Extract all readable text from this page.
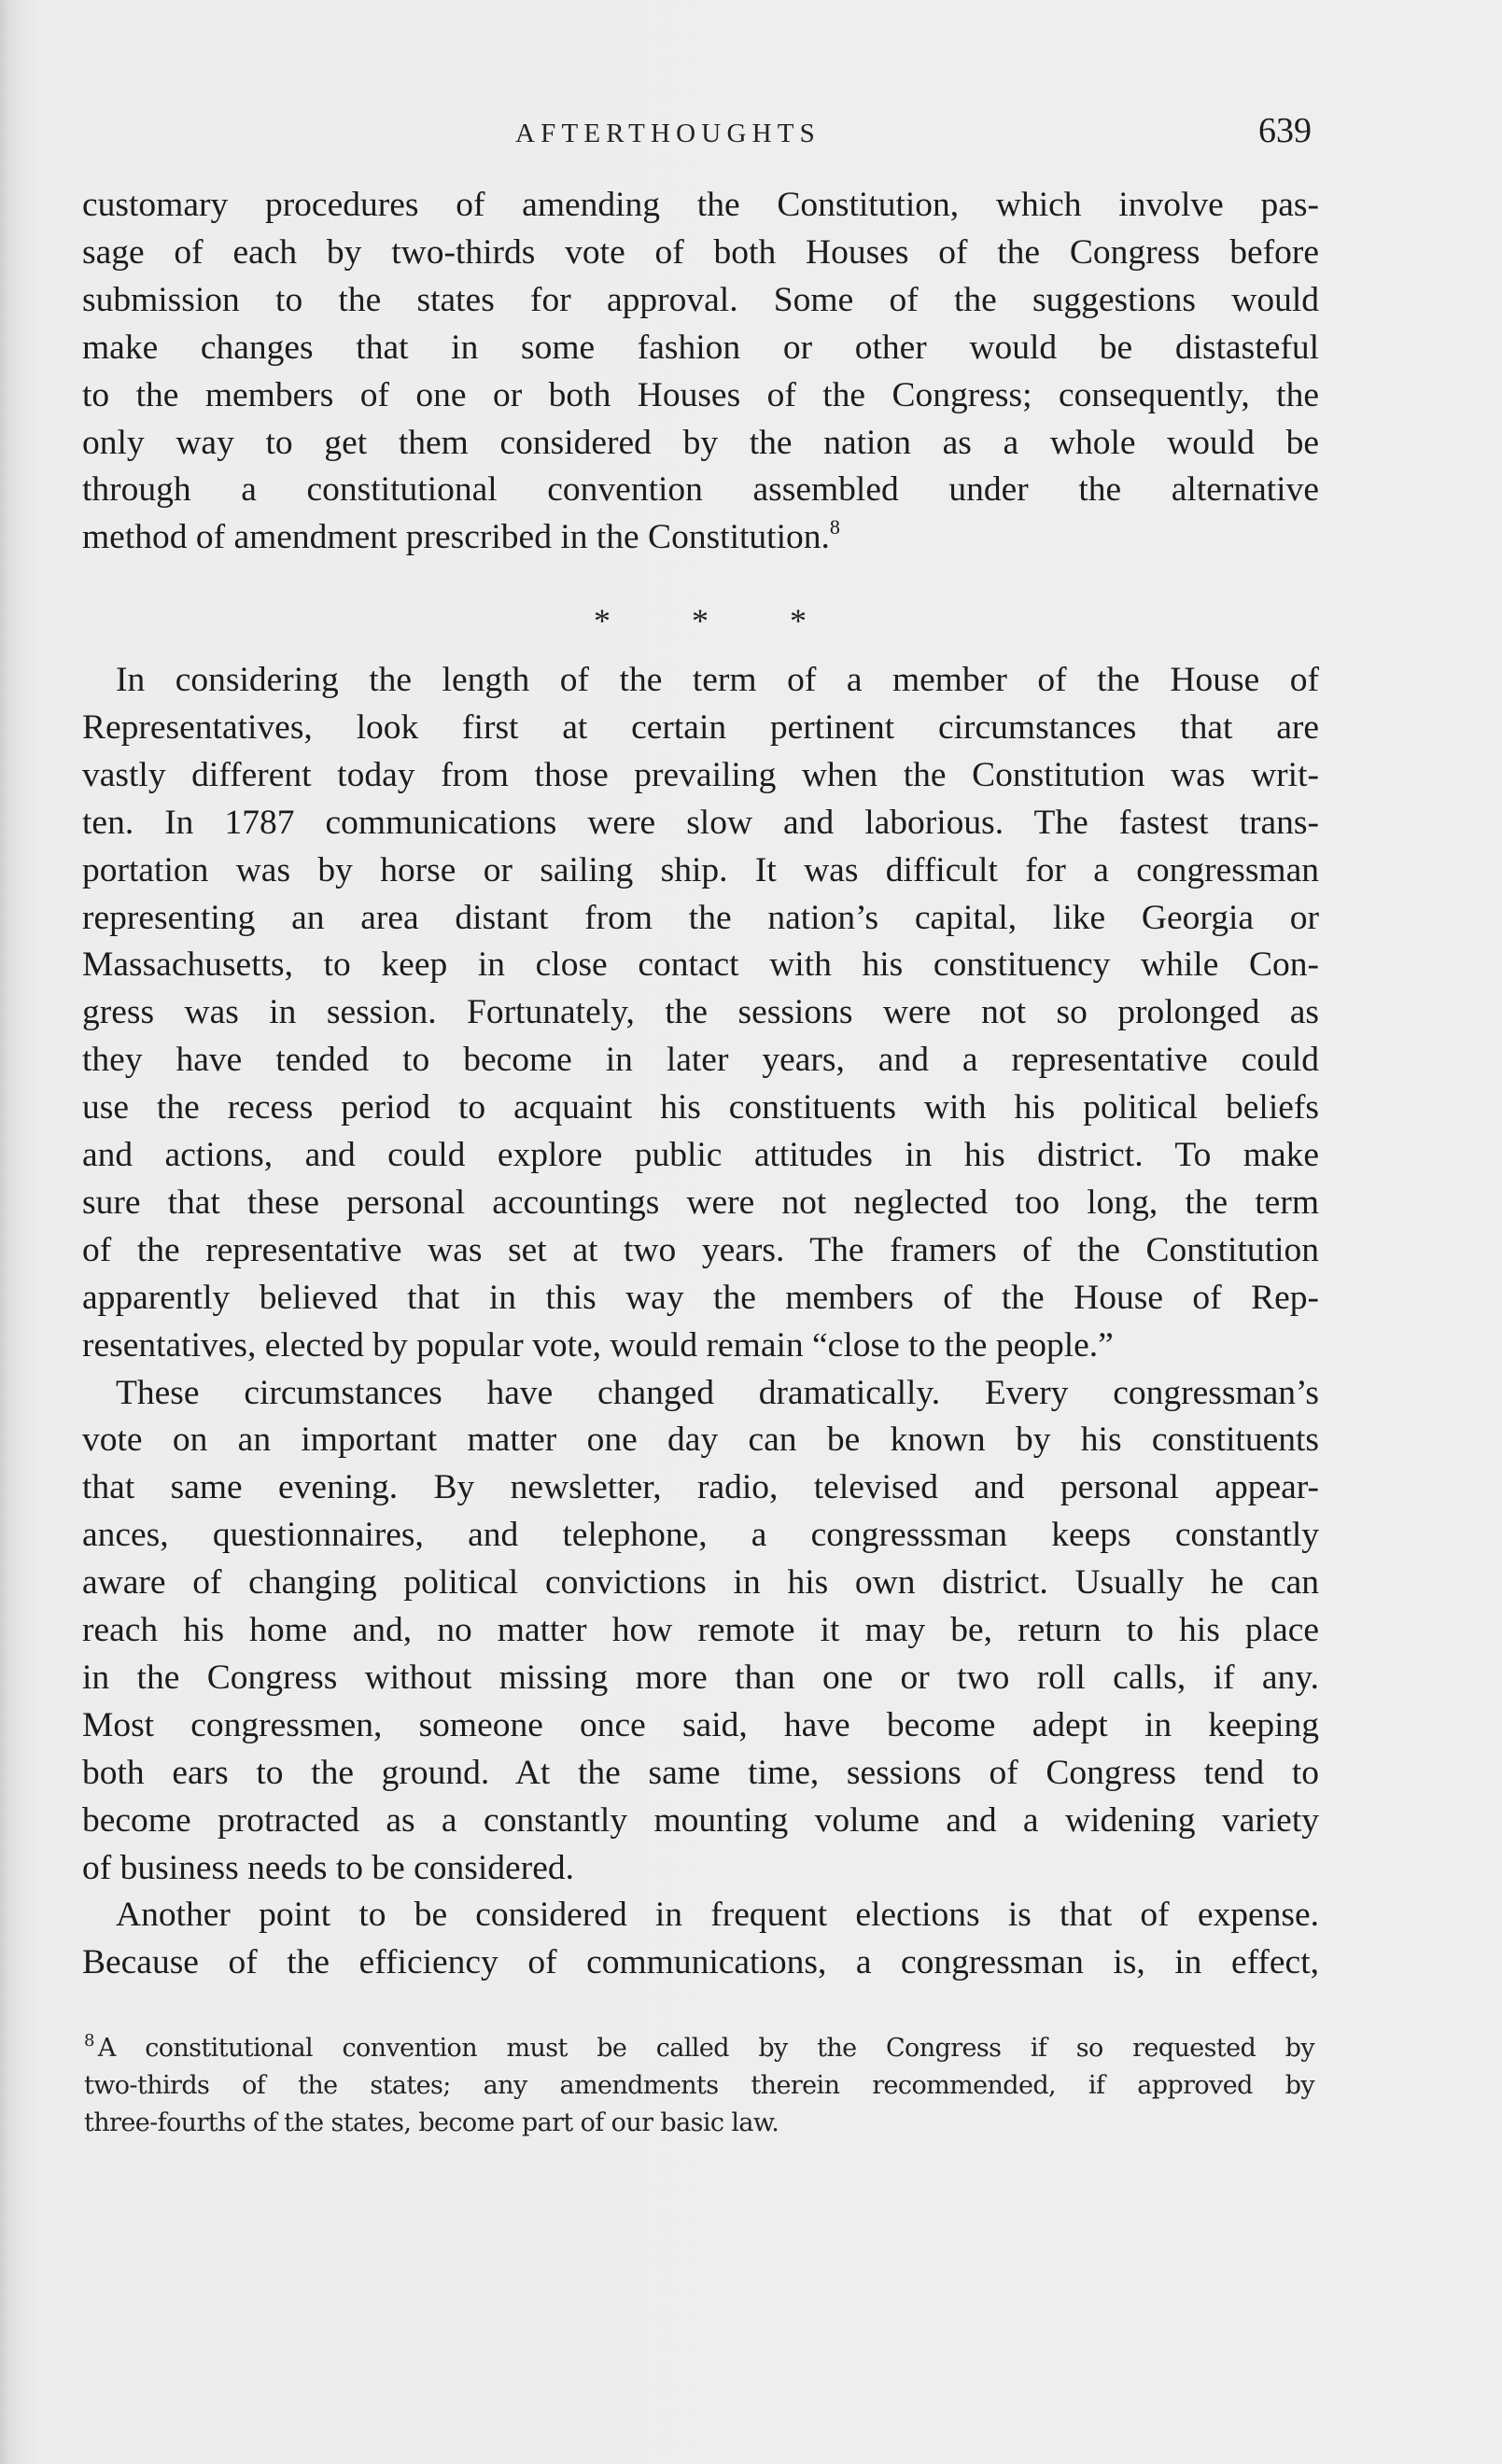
AFTERTHOUGHTS	639
customary procedures of amending the Constitution, which involve pas-
sage of each by two-thirds vote of both Houses of the Congress before
submission to the states for approval. Some of the suggestions would
make changes that in some fashion or other would be distasteful
to the members of one or both Houses of the Congress; consequently, the
only way to get them considered by the nation as a whole would be
through a constitutional convention assembled under the alternative
method of amendment prescribed in the Constitution.$^8$
In considering the length of the term of a member of the House of
Representatives, look first at certain pertinent circumstances that are
vastly different today from those prevailing when the Constitution was writ-
ten. In 1787 communications were slow and laborious. The fastest trans-
portation was by horse or sailing ship. It was difficult for a congressman
representing an area distant from the nation’s capital, like Georgia or
Massachusetts, to keep in close contact with his constituency while Con-
gress was in session. Fortunately, the sessions were not so prolonged as
they have tended to become in later years, and a representative could
use the recess period to acquaint his constituents with his political beliefs
and actions, and could explore public attitudes in his district. To make
sure that these personal accountings were not neglected too long, the term
of the representative was set at two years. The framers of the Constitution
apparently believed that in this way the members of the House of Rep-
resentatives, elected by popular vote, would remain “close to the people.”
These circumstances have changed dramatically. Every congressman’s
vote on an important matter one day can be known by his constituents
that same evening. By newsletter, radio, televised and personal appear-
ances, questionnaires, and telephone, a congresssman keeps constantly
aware of changing political convictions in his own district. Usually he can
reach his home and, no matter how remote it may be, return to his place
in the Congress without missing more than one or two roll calls, if any.
Most congressmen, someone once said, have become adept in keeping
both ears to the ground. At the same time, sessions of Congress tend to
become protracted as a constantly mounting volume and a widening variety
of business needs to be considered.
Another point to be considered in frequent elections is that of expense.
Because of the efficiency of communications, a congressman is, in effect,
* * *
$^8$ A constitutional convention must be called by the Congress if so requested by
two-thirds of the states; any amendments therein recommended, if approved by
three-fourths of the states, become part of our basic law.
